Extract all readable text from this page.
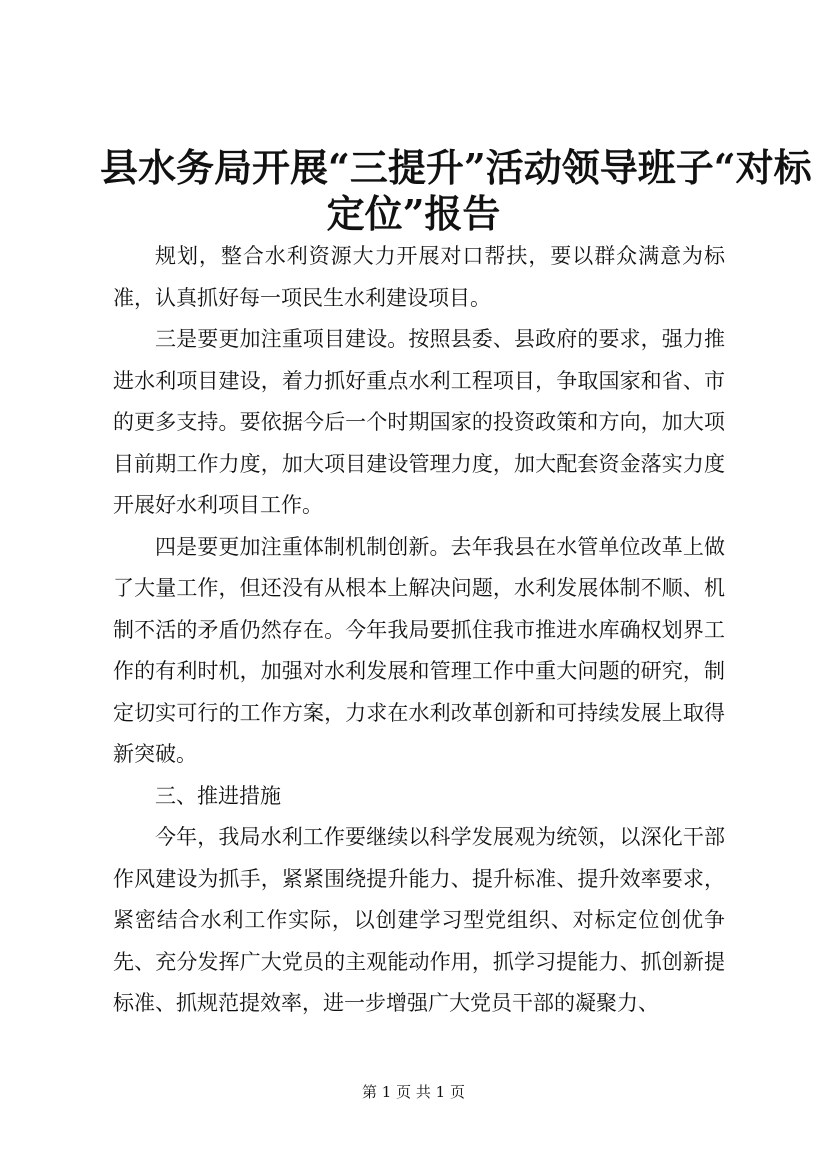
县水务局开展“三提升”活动领导班子“对标
定位”报告

规划，整合水利资源大力开展对口帮扶，要以群众满意为标准，认真抓好每一项民生水利建设项目。

三是要更加注重项目建设。按照县委、县政府的要求，强力推进水利项目建设，着力抓好重点水利工程项目，争取国家和省、市的更多支持。要依据今后一个时期国家的投资政策和方向，加大项目前期工作力度，加大项目建设管理力度，加大配套资金落实力度开展好水利项目工作。

四是要更加注重体制机制创新。去年我县在水管单位改革上做了大量工作，但还没有从根本上解决问题，水利发展体制不顺、机制不活的矛盾仍然存在。今年我局要抓住我市推进水库确权划界工作的有利时机，加强对水利发展和管理工作中重大问题的研究，制定切实可行的工作方案，力求在水利改革创新和可持续发展上取得新突破。

三、推进措施

今年，我局水利工作要继续以科学发展观为统领，以深化干部作风建设为抓手，紧紧围绕提升能力、提升标准、提升效率要求，紧密结合水利工作实际，以创建学习型党组织、对标定位创优争先、充分发挥广大党员的主观能动作用，抓学习提能力、抓创新提标准、抓规范提效率，进一步增强广大党员干部的凝聚力、

第 1 页 共 1 页
